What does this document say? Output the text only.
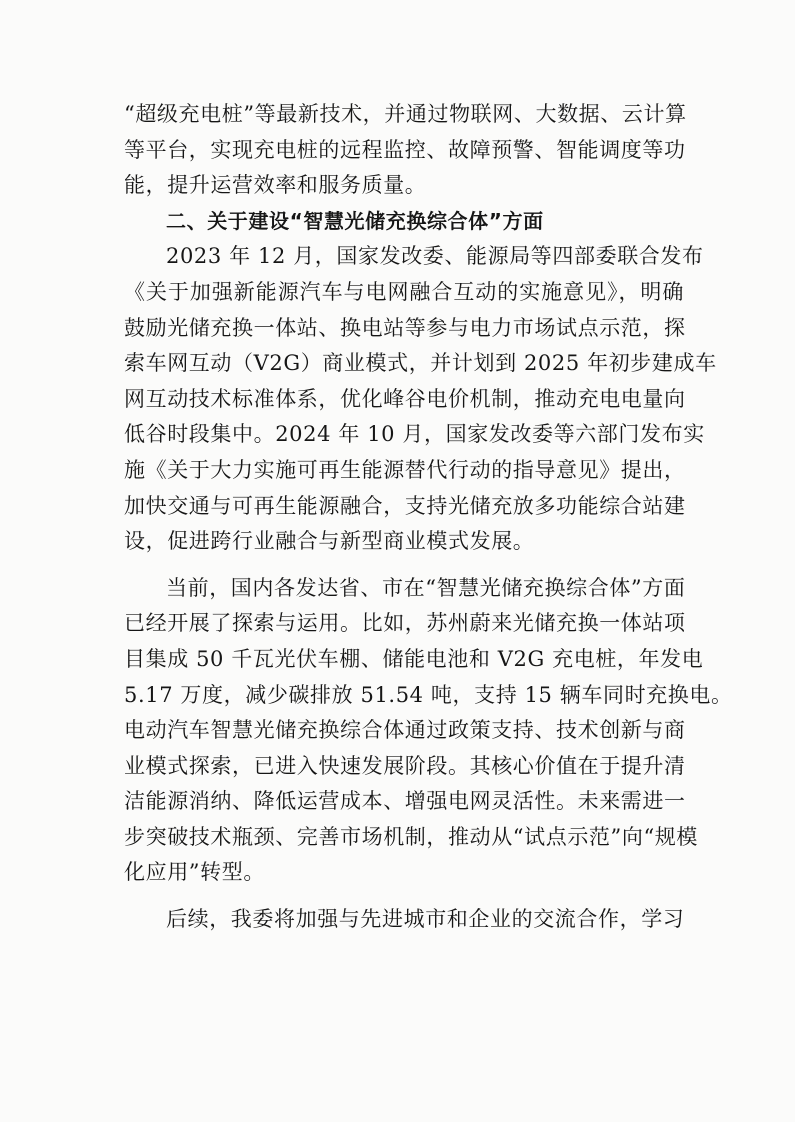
“超级充电桩”等最新技术，并通过物联网、大数据、云计算
等平台，实现充电桩的远程监控、故障预警、智能调度等功
能，提升运营效率和服务质量。
二、关于建设“智慧光储充换综合体”方面
2023 年 12 月，国家发改委、能源局等四部委联合发布
《关于加强新能源汽车与电网融合互动的实施意见》，明确
鼓励光储充换一体站、换电站等参与电力市场试点示范，探
索车网互动（V2G）商业模式，并计划到 2025 年初步建成车
网互动技术标准体系，优化峰谷电价机制，推动充电电量向
低谷时段集中。2024 年 10 月，国家发改委等六部门发布实
施《关于大力实施可再生能源替代行动的指导意见》提出，
加快交通与可再生能源融合，支持光储充放多功能综合站建
设，促进跨行业融合与新型商业模式发展。
当前，国内各发达省、市在“智慧光储充换综合体”方面
已经开展了探索与运用。比如，苏州蔚来光储充换一体站项
目集成 50 千瓦光伏车棚、储能电池和 V2G 充电桩，年发电
5.17 万度，减少碳排放 51.54 吨，支持 15 辆车同时充换电。
电动汽车智慧光储充换综合体通过政策支持、技术创新与商
业模式探索，已进入快速发展阶段。其核心价值在于提升清
洁能源消纳、降低运营成本、增强电网灵活性。未来需进一
步突破技术瓶颈、完善市场机制，推动从“试点示范”向“规模
化应用”转型。
后续，我委将加强与先进城市和企业的交流合作，学习
